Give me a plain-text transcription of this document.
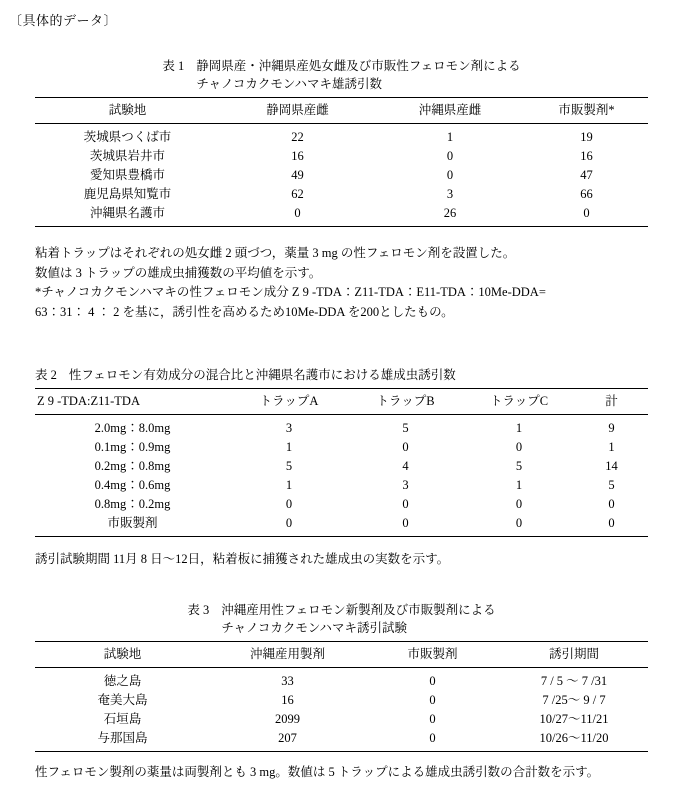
〔具体的データ〕
表 1 静岡県産・沖縄県産処女雌及び市販性フェロモン剤による
チャノコカクモンハマキ雄誘引数
試験地	静岡県産雌	沖縄県産雌	市販製剤*
茨城県つくば市	22	1	19
茨城県岩井市	16	0	16
愛知県豊橋市	49	0	47
鹿児島県知覧市	62	3	66
沖縄県名護市	0	26	0
粘着トラップはそれぞれの処女雌 2 頭づつ，薬量 3 mg の性フェロモン剤を設置した。
数値は 3 トラップの雄成虫捕獲数の平均値を示す。
*チャノコカクモンハマキの性フェロモン成分 Z 9 -TDA：Z11-TDA：E11-TDA：10Me-DDA=
63：31： 4 ： 2 を基に，誘引性を高めるため10Me-DDA を200としたもの。
表 2 性フェロモン有効成分の混合比と沖縄県名護市における雄成虫誘引数
Z 9 -TDA:Z11-TDA	トラップA	トラップB	トラップC	計
2.0mg：8.0mg	3	5	1	9
0.1mg：0.9mg	1	0	0	1
0.2mg：0.8mg	5	4	5	14
0.4mg：0.6mg	1	3	1	5
0.8mg：0.2mg	0	0	0	0
市販製剤	0	0	0	0
誘引試験期間 11月 8 日～12日，粘着板に捕獲された雄成虫の実数を示す。
表 3 沖縄産用性フェロモン新製剤及び市販製剤による
チャノコカクモンハマキ誘引試験
試験地	沖縄産用製剤	市販製剤	誘引期間
徳之島	33	0	7 / 5 ～ 7 /31
奄美大島	16	0	7 /25～ 9 / 7
石垣島	2099	0	10/27～11/21
与那国島	207	0	10/26～11/20
性フェロモン製剤の薬量は両製剤とも 3 mg。数値は 5 トラップによる雄成虫誘引数の合計数を示す。
